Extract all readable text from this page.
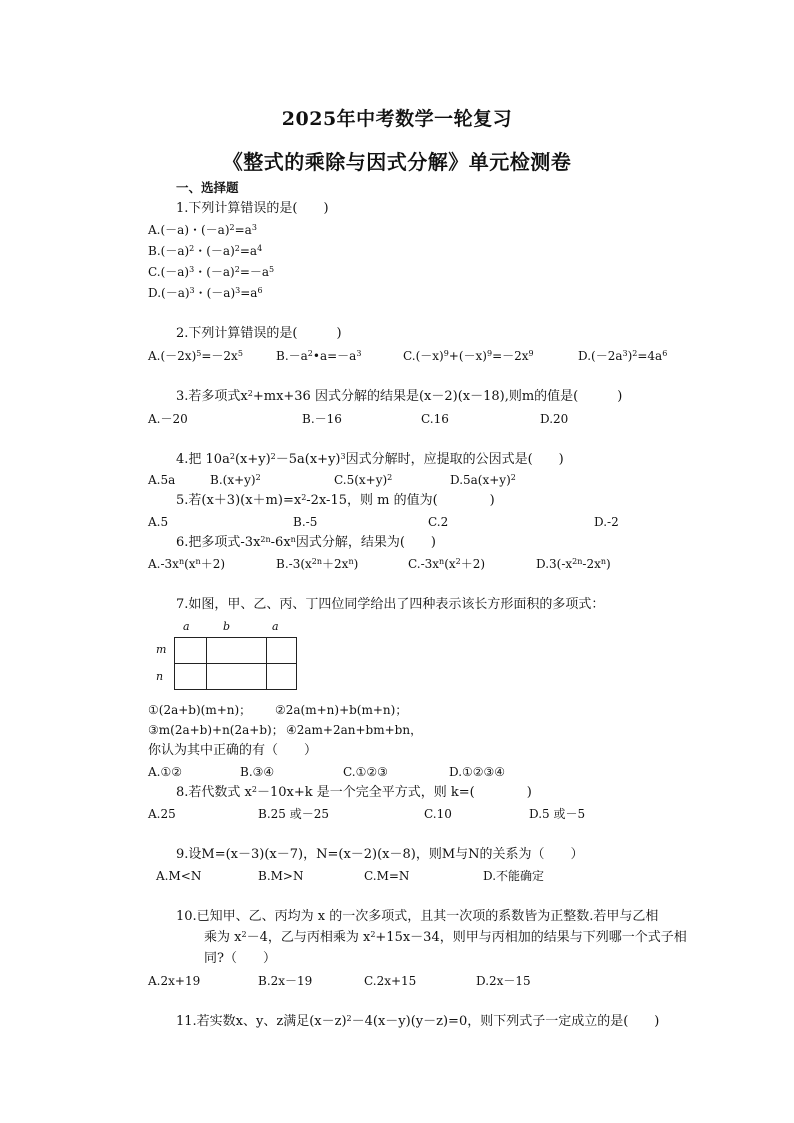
2025年中考数学一轮复习
《整式的乘除与因式分解》单元检测卷
一、选择题
1.下列计算错误的是(　　)
A.(－a)・$(-a)^2=a^3$
$B.(-a)^2$・$(-a)^2=a^4$
$C.(-a)^3$・$(-a)^2=-a^5$
$D.(-a)^3$・$(-a)^3=a^6$
2.下列计算错误的是(　　　)
$A.(-2x)^5=-2x^5$	$B.-a^2•a=-a^3$	$C.(-x)^9+(-x)^9=-2x^9$	$D.(-2a^3)^2=4a^6$
3.若多项式$x^2+mx+36$ 因式分解的结果是(x－2)(x－18),则m的值是(　　　)
A.－20	B.－16	C.16	D.20
4.把 $10a^2(x+y)^2-5a(x+y)^3$因式分解时，应提取的公因式是(　　)
A.5a	$B.(x+y)^2$	$C.5(x+y)^2$	$D.5a(x+y)^2$
5.若$(x+3)(x+m)=x^2-2x-15$，则 m 的值为(　　　　)
A.5	B.-5	C.2	D.-2
6.把多项式$-3x^{2n}-6x^n$因式分解，结果为(　　)
$A.-3x^n(x^n+2)$	$B.-3(x^{2n}+2x^n)$	$C.-3x^n(x^2+2)$	$D.3(-x^{2n}-2x^n)$
7.如图，甲、乙、丙、丁四位同学给出了四种表示该长方形面积的多项式：
a	b	a
m
n
①(2a+b)(m+n)； ②2a(m+n)+b(m+n)；
③m(2a+b)+n(2a+b)； ④2am+2an+bm+bn，
你认为其中正确的有（　　）
A.①②	B.③④	C.①②③	D.①②③④
8.若代数式 $x^2-10x+k$ 是一个完全平方式，则 k=(　　　　)
A.25	B.25 或－25	C.10	D.5 或－5
9.设M=(x－3)(x－7)，N=(x－2)(x－8)，则M与N的关系为（　　）
A.M<N	B.M>N	C.M=N	D.不能确定
10.已知甲、乙、丙均为 x 的一次多项式，且其一次项的系数皆为正整数.若甲与乙相
乘为 $x^2-4$，乙与丙相乘为 $x^2+15x-34$，则甲与丙相加的结果与下列哪一个式子相
同?（　　）
A.2x+19	B.2x－19	C.2x+15	D.2x－15
11.若实数x、y、z满足$(x-z)^2-4(x-y)(y-z)=0$，则下列式子一定成立的是(　　)
